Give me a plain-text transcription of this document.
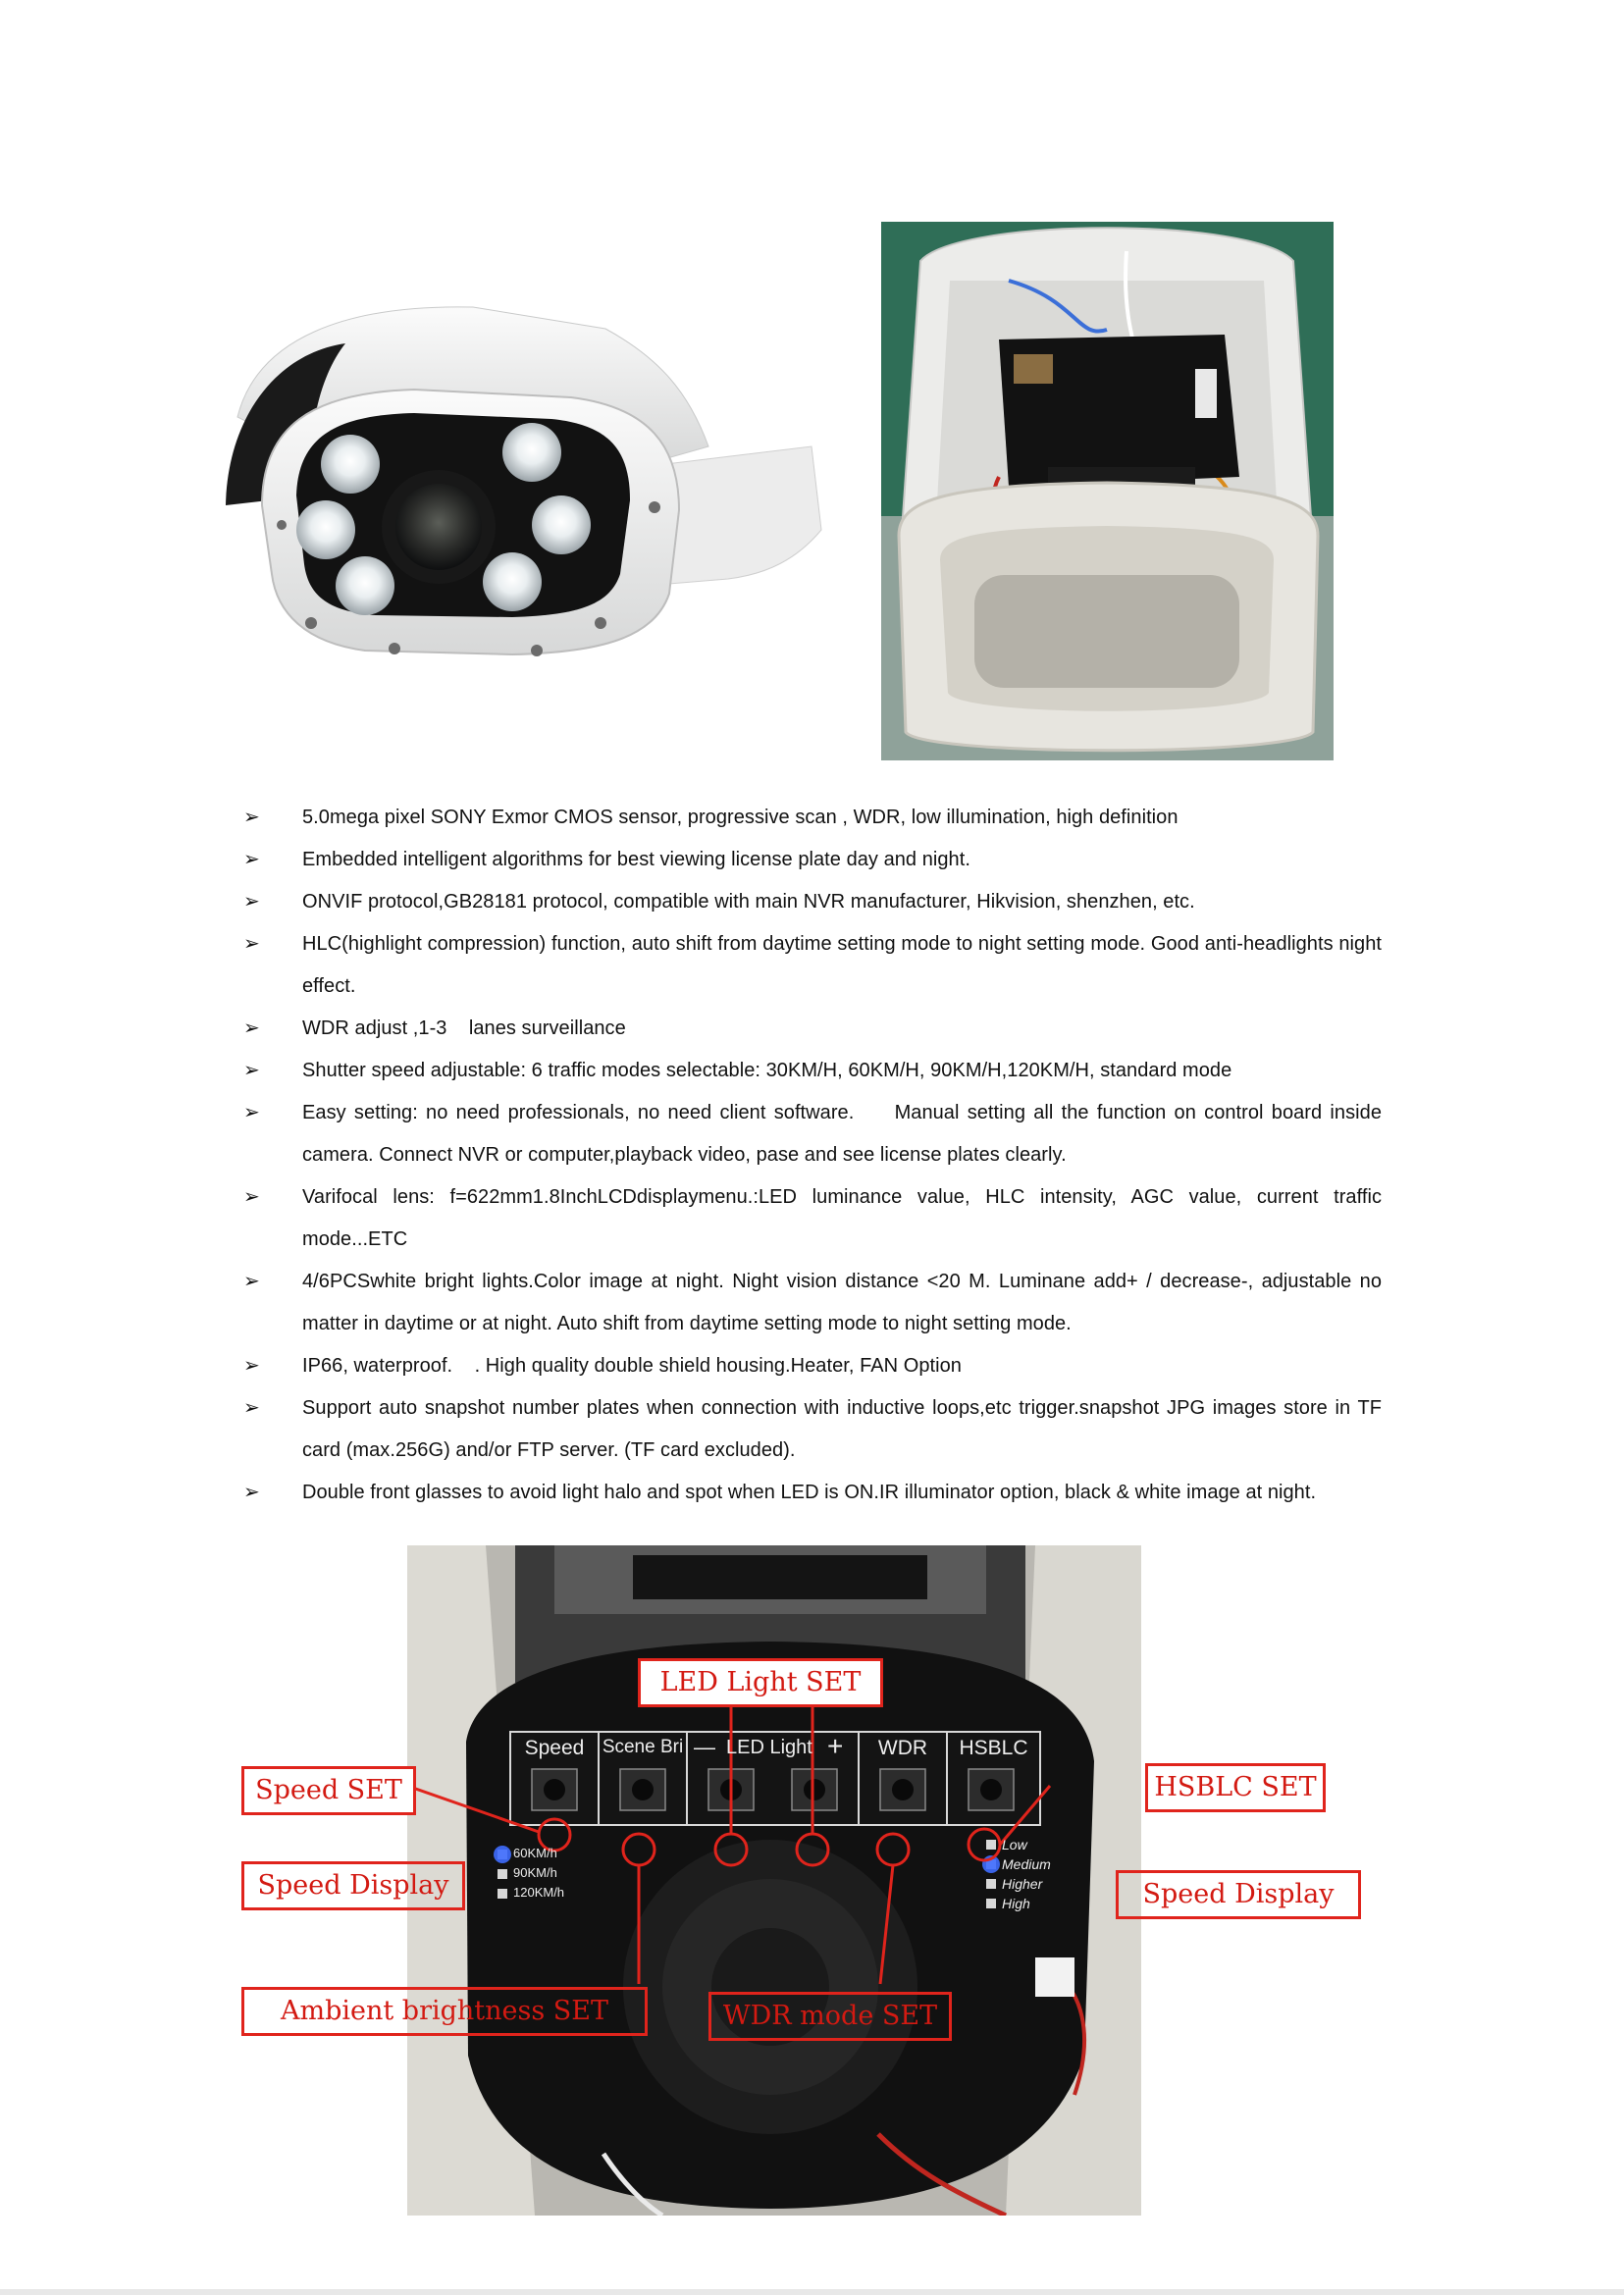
➢ 5.0mega pixel SONY Exmor CMOS sensor, progressive scan , WDR, low illumination, high definition
➢ Embedded intelligent algorithms for best viewing license plate day and night.
➢ ONVIF protocol,GB28181 protocol, compatible with main NVR manufacturer, Hikvision, shenzhen, etc.
➢ HLC(highlight compression) function, auto shift from daytime setting mode to night setting mode. Good anti-headlights night effect.
➢ WDR adjust ,1-3    lanes surveillance
➢ Shutter speed adjustable: 6 traffic modes selectable: 30KM/H, 60KM/H, 90KM/H,120KM/H, standard mode
➢ Easy setting: no need professionals, no need client software.     Manual setting all the function on control board inside camera. Connect NVR or computer,playback video, pase and see license plates clearly.
➢ Varifocal lens: f=622mm1.8InchLCDdisplaymenu.:LED luminance value, HLC intensity, AGC value, current traffic mode...ETC
➢ 4/6PCSwhite bright lights.Color image at night. Night vision distance <20 M. Luminane add+ / decrease-, adjustable no matter in daytime or at night. Auto shift from daytime setting mode to night setting mode.
➢ IP66, waterproof.    . High quality double shield housing.Heater, FAN Option
➢ Support auto snapshot number plates when connection with inductive loops,etc trigger.snapshot JPG images store in TF card (max.256G) and/or FTP server. (TF card excluded).
➢ Double front glasses to avoid light halo and spot when LED is ON.IR illuminator option, black & white image at night.
Speed Scene Bri — LED Light +	WDR	HSBLC
60KM/h
90KM/h
120KM/h
Low
Medium
Higher
High
LED Light SET
Speed SET	HSBLC SET
Speed Display	Speed Display
Ambient brightness SET	WDR mode SET
